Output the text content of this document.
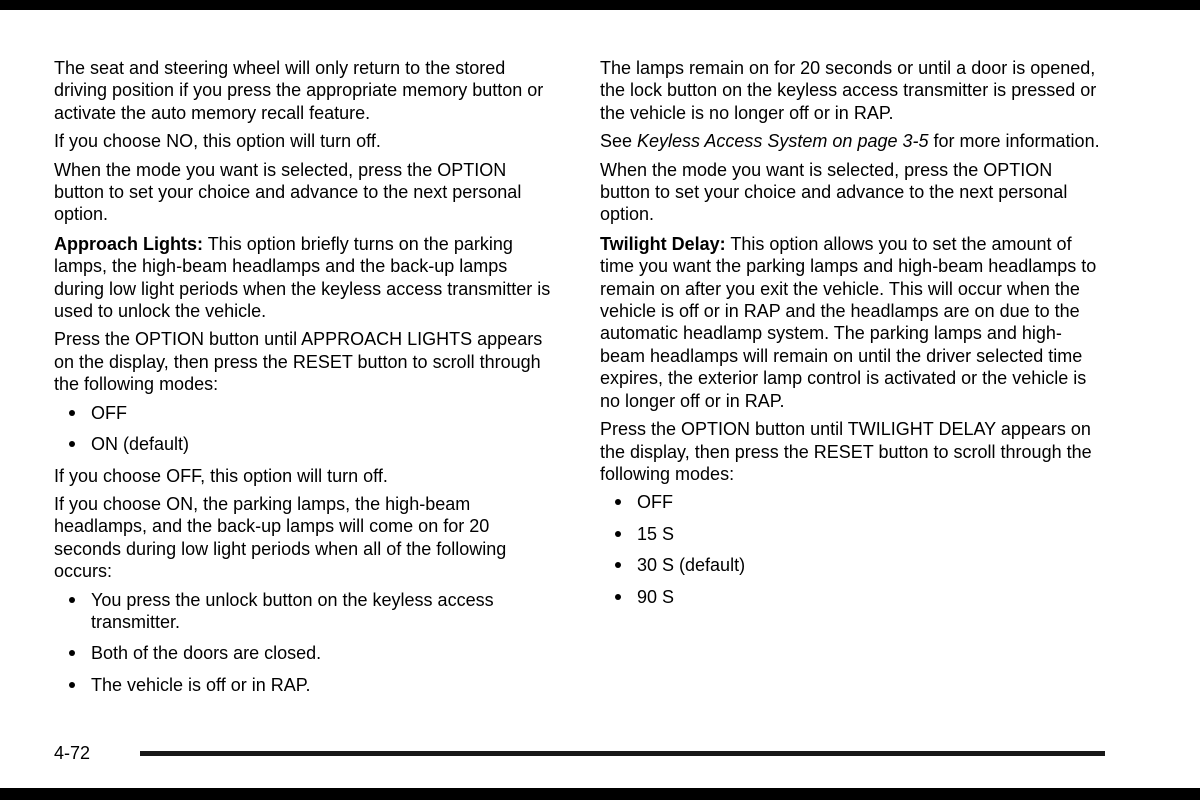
The seat and steering wheel will only return to the stored driving position if you press the appropriate memory button or activate the auto memory recall feature.

If you choose NO, this option will turn off.

When the mode you want is selected, press the OPTION button to set your choice and advance to the next personal option.

Approach Lights: This option briefly turns on the parking lamps, the high-beam headlamps and the back-up lamps during low light periods when the keyless access transmitter is used to unlock the vehicle.

Press the OPTION button until APPROACH LIGHTS appears on the display, then press the RESET button to scroll through the following modes:

OFF
ON (default)

If you choose OFF, this option will turn off.

If you choose ON, the parking lamps, the high-beam headlamps, and the back-up lamps will come on for 20 seconds during low light periods when all of the following occurs:

You press the unlock button on the keyless access transmitter.
Both of the doors are closed.
The vehicle is off or in RAP.

The lamps remain on for 20 seconds or until a door is opened, the lock button on the keyless access transmitter is pressed or the vehicle is no longer off or in RAP.

See Keyless Access System on page 3-5 for more information.

When the mode you want is selected, press the OPTION button to set your choice and advance to the next personal option.

Twilight Delay: This option allows you to set the amount of time you want the parking lamps and high-beam headlamps to remain on after you exit the vehicle. This will occur when the vehicle is off or in RAP and the headlamps are on due to the automatic headlamp system. The parking lamps and high-beam headlamps will remain on until the driver selected time expires, the exterior lamp control is activated or the vehicle is no longer off or in RAP.

Press the OPTION button until TWILIGHT DELAY appears on the display, then press the RESET button to scroll through the following modes:

OFF
15 S
30 S (default)
90 S
4-72
